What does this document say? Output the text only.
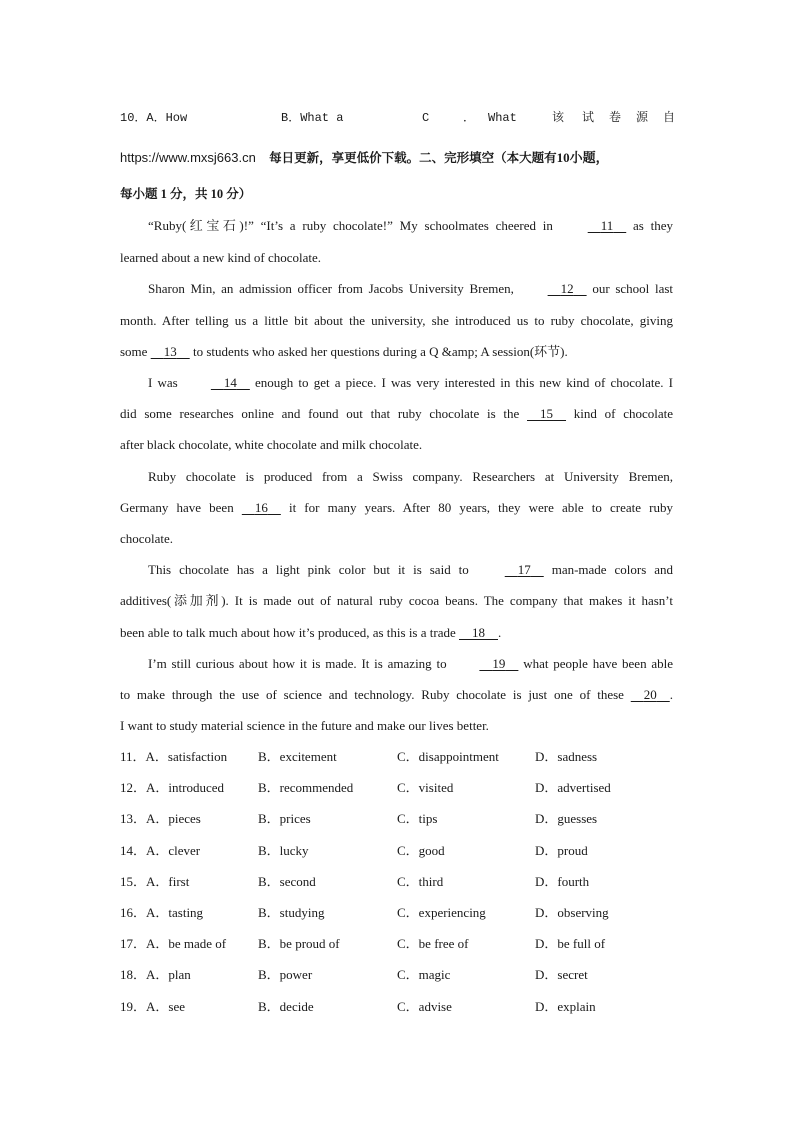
10．A．How	B．What a	C	． What	该 试 卷 源 自
https://www.mxsj663.cn 每日更新，享更低价下载。二、完形填空（本大题有10小题，
每小题 1 分，共 10 分）
“Ruby(红宝石)!” “It’s a ruby chocolate!” My schoolmates cheered in	11 as they
learned about a new kind of chocolate.
Sharon Min, an admission officer from Jacobs University Bremen,	12 our school last
month. After telling us a little bit about the university, she introduced us to ruby chocolate, giving
some 13 to students who asked her questions during a Q &amp; A session(环节).
I was	14 enough to get a piece. I was very interested in this new kind of chocolate. I
did some researches online and found out that ruby chocolate is the 15 kind of chocolate
after black chocolate, white chocolate and milk chocolate.
Ruby chocolate is produced from a Swiss company. Researchers at University Bremen,
Germany have been 16 it for many years. After 80 years, they were able to create ruby
chocolate.
This chocolate has a light pink color but it is said to	17 man-made colors and
additives(添加剂). It is made out of natural ruby cocoa beans. The company that makes it hasn’t
been able to talk much about how it’s produced, as this is a trade 18 .
I’m still curious about how it is made. It is amazing to	19 what people have been able
to make through the use of science and technology. Ruby chocolate is just one of these 20 .
I want to study material science in the future and make our lives better.
11．A．satisfaction B．excitement	C．disappointment	D．sadness
12．A．introduced	B．recommended	C．visited	D．advertised
13．A．pieces	B．prices	C．tips	D．guesses
14．A．clever	B．lucky	C．good	D．proud
15．A．first	B．second	C．third	D．fourth
16．A．tasting	B．studying	C．experiencing	D．observing
17．A．be made of B．be proud of	C．be free of	D．be full of
18．A．plan	B．power	C．magic	D．secret
19．A．see	B．decide	C．advise	D．explain
